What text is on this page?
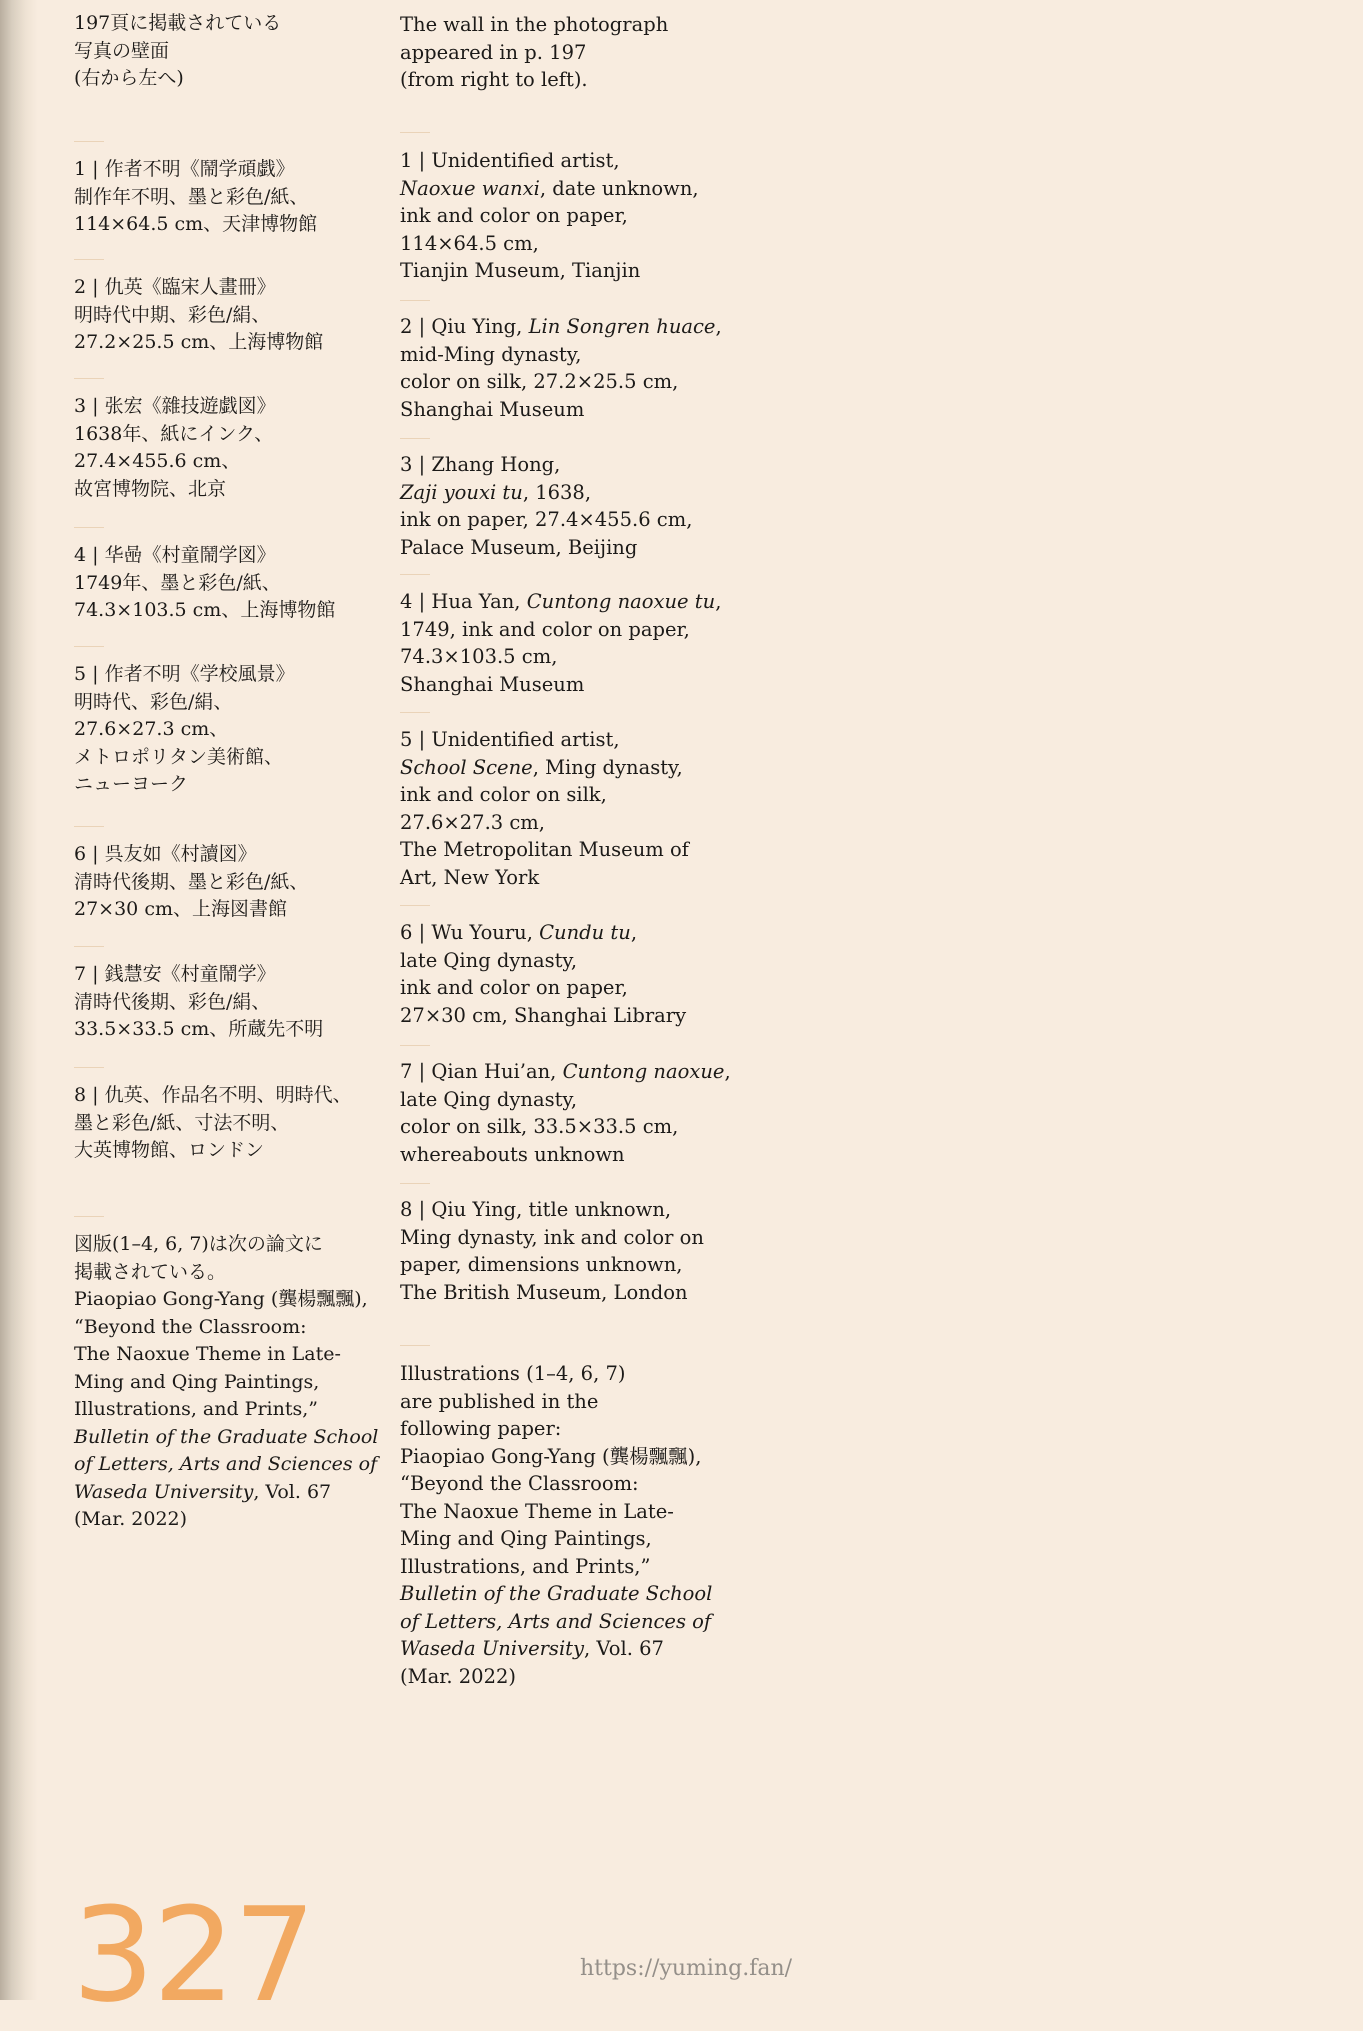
197頁に掲載されている
写真の壁面
(右から左へ)
1 | 作者不明《鬧学頑戯》
制作年不明、墨と彩色/紙、
114×64.5 cm、天津博物館
2 | 仇英《臨宋人畫冊》
明時代中期、彩色/絹、
27.2×25.5 cm、上海博物館
3 | 张宏《雜技遊戯図》
1638年、紙にインク、
27.4×455.6 cm、
故宮博物院、北京
4 | 华喦《村童鬧学図》
1749年、墨と彩色/紙、
74.3×103.5 cm、上海博物館
5 | 作者不明《学校風景》
明時代、彩色/絹、
27.6×27.3 cm、
メトロポリタン美術館、
ニューヨーク
6 | 呉友如《村讀図》
清時代後期、墨と彩色/紙、
27×30 cm、上海図書館
7 | 銭慧安《村童鬧学》
清時代後期、彩色/絹、
33.5×33.5 cm、所蔵先不明
8 | 仇英、作品名不明、明時代、
墨と彩色/紙、寸法不明、
大英博物館、ロンドン
図版(1–4, 6, 7)は次の論文に
掲載されている。
Piaopiao Gong-Yang (龔楊飄飄),
“Beyond the Classroom:
The Naoxue Theme in Late-
Ming and Qing Paintings,
Illustrations, and Prints,”
Bulletin of the Graduate School
of Letters, Arts and Sciences of
Waseda University, Vol. 67
(Mar. 2022)
The wall in the photograph
appeared in p. 197
(from right to left).
1 | Unidentified artist,
Naoxue wanxi, date unknown,
ink and color on paper,
114×64.5 cm,
Tianjin Museum, Tianjin
2 | Qiu Ying, Lin Songren huace,
mid-Ming dynasty,
color on silk, 27.2×25.5 cm,
Shanghai Museum
3 | Zhang Hong,
Zaji youxi tu, 1638,
ink on paper, 27.4×455.6 cm,
Palace Museum, Beijing
4 | Hua Yan, Cuntong naoxue tu,
1749, ink and color on paper,
74.3×103.5 cm,
Shanghai Museum
5 | Unidentified artist,
School Scene, Ming dynasty,
ink and color on silk,
27.6×27.3 cm,
The Metropolitan Museum of
Art, New York
6 | Wu Youru, Cundu tu,
late Qing dynasty,
ink and color on paper,
27×30 cm, Shanghai Library
7 | Qian Hui’an, Cuntong naoxue,
late Qing dynasty,
color on silk, 33.5×33.5 cm,
whereabouts unknown
8 | Qiu Ying, title unknown,
Ming dynasty, ink and color on
paper, dimensions unknown,
The British Museum, London
Illustrations (1–4, 6, 7)
are published in the
following paper:
Piaopiao Gong-Yang (龔楊飄飄),
“Beyond the Classroom:
The Naoxue Theme in Late-
Ming and Qing Paintings,
Illustrations, and Prints,”
Bulletin of the Graduate School
of Letters, Arts and Sciences of
Waseda University, Vol. 67
(Mar. 2022)
327	https://yuming.fan/
